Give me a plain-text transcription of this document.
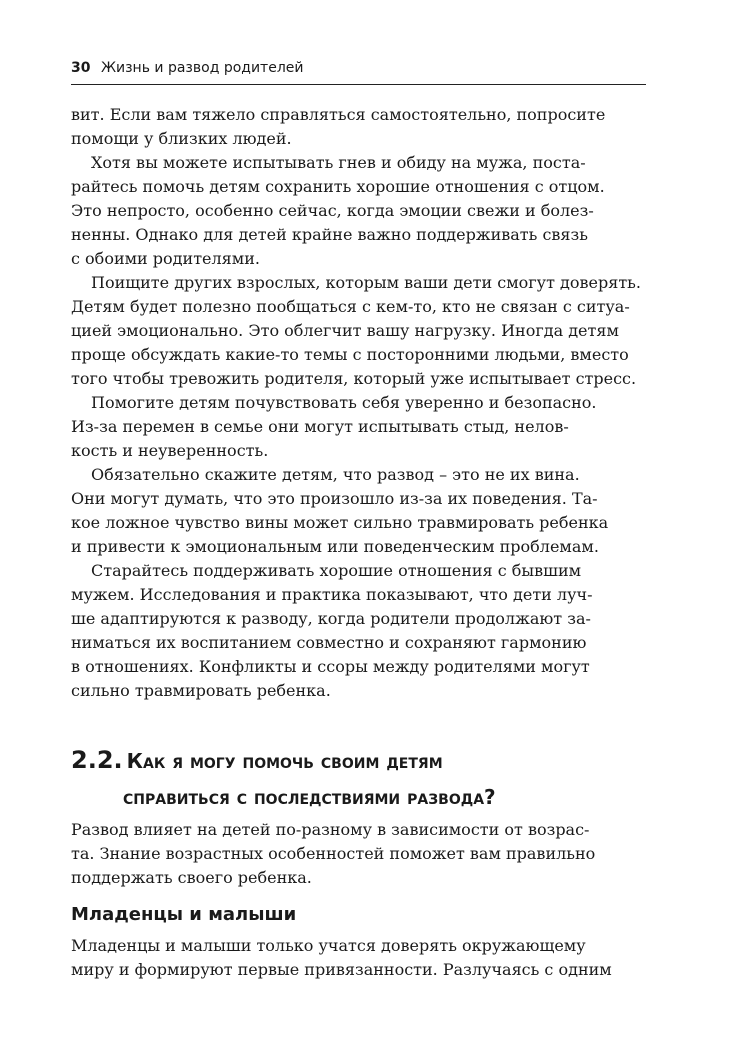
30 Жизнь и развод родителей

вит. Если вам тяжело справляться самостоятельно, попросите
помощи у близких людей.

Хотя вы можете испытывать гнев и обиду на мужа, поста-
райтесь помочь детям сохранить хорошие отношения с отцом.
Это непросто, особенно сейчас, когда эмоции свежи и болез-
ненны. Однако для детей крайне важно поддерживать связь
с обоими родителями.

Поищите других взрослых, которым ваши дети смогут доверять.
Детям будет полезно пообщаться с кем-то, кто не связан с ситуа-
цией эмоционально. Это облегчит вашу нагрузку. Иногда детям
проще обсуждать какие-то темы с посторонними людьми, вместо
того чтобы тревожить родителя, который уже испытывает стресс.

Помогите детям почувствовать себя уверенно и безопасно.
Из-за перемен в семье они могут испытывать стыд, нелов-
кость и неуверенность.

Обязательно скажите детям, что развод – это не их вина.
Они могут думать, что это произошло из-за их поведения. Та-
кое ложное чувство вины может сильно травмировать ребенка
и привести к эмоциональным или поведенческим проблемам.

Старайтесь поддерживать хорошие отношения с бывшим
мужем. Исследования и практика показывают, что дети луч-
ше адаптируются к разводу, когда родители продолжают за-
ниматься их воспитанием совместно и сохраняют гармонию
в отношениях. Конфликты и ссоры между родителями могут
сильно травмировать ребенка.

2.2. Как я могу помочь своим детям
справиться с последствиями развода?

Развод влияет на детей по-разному в зависимости от возрас-
та. Знание возрастных особенностей поможет вам правильно
поддержать своего ребенка.

Младенцы и малыши

Младенцы и малыши только учатся доверять окружающему
миру и формируют первые привязанности. Разлучаясь с одним
